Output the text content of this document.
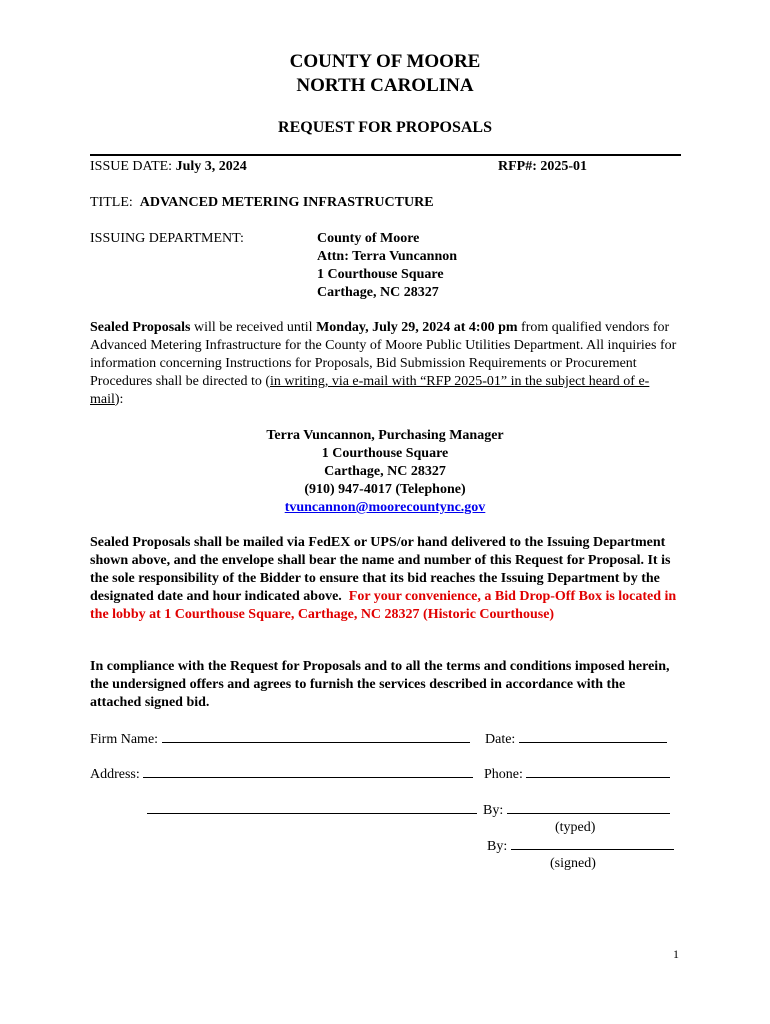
COUNTY OF MOORE
NORTH CAROLINA
REQUEST FOR PROPOSALS
ISSUE DATE: July 3, 2024	RFP#: 2025-01
TITLE: ADVANCED METERING INFRASTRUCTURE
ISSUING DEPARTMENT:	County of Moore
Attn: Terra Vuncannon
1 Courthouse Square
Carthage, NC 28327
Sealed Proposals will be received until Monday, July 29, 2024 at 4:00 pm from qualified vendors for Advanced Metering Infrastructure for the County of Moore Public Utilities Department. All inquiries for information concerning Instructions for Proposals, Bid Submission Requirements or Procurement Procedures shall be directed to (in writing, via e-mail with “RFP 2025-01” in the subject heard of e-mail):
Terra Vuncannon, Purchasing Manager
1 Courthouse Square
Carthage, NC 28327
(910) 947-4017 (Telephone)
tvuncannon@moorecountync.gov
Sealed Proposals shall be mailed via FedEX or UPS/or hand delivered to the Issuing Department shown above, and the envelope shall bear the name and number of this Request for Proposal. It is the sole responsibility of the Bidder to ensure that its bid reaches the Issuing Department by the designated date and hour indicated above. For your convenience, a Bid Drop-Off Box is located in the lobby at 1 Courthouse Square, Carthage, NC 28327 (Historic Courthouse)
In compliance with the Request for Proposals and to all the terms and conditions imposed herein, the undersigned offers and agrees to furnish the services described in accordance with the attached signed bid.
Firm Name:	Date:
Address:	Phone:
By:
(typed)
By:
(signed)
1
